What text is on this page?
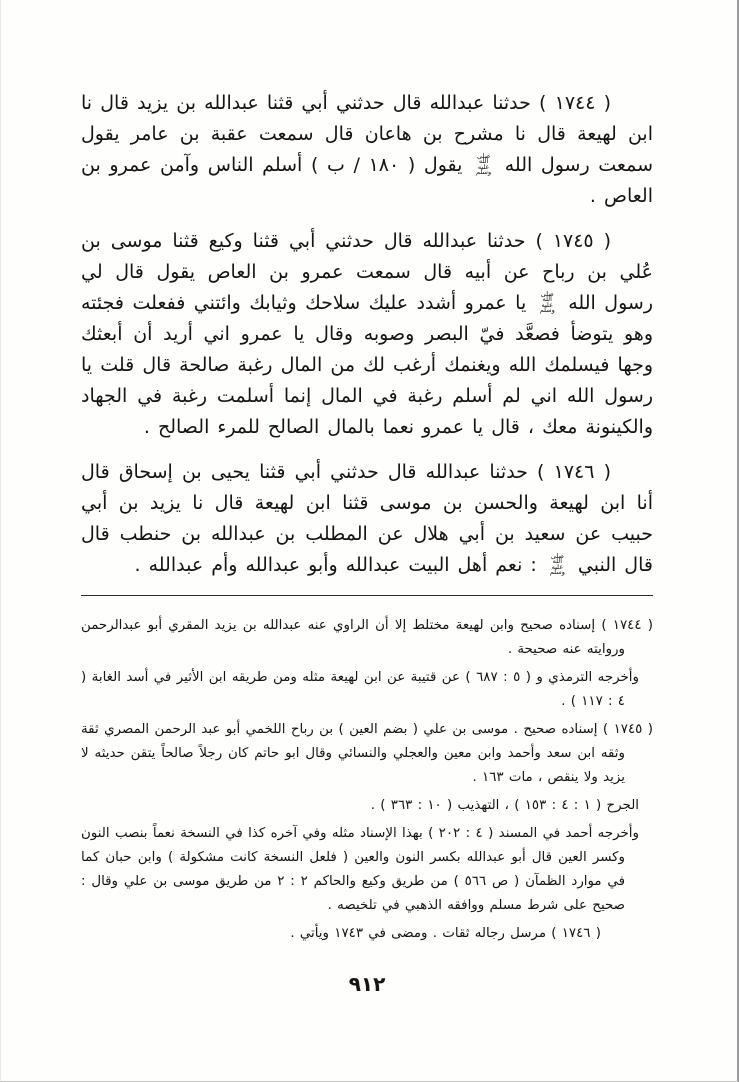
( ١٧٤٤ ) حدثنا عبدالله قال حدثني أبي قثنا عبدالله بن يزيد قال نا ابن لهيعة قال نا مشرح بن هاعان قال سمعت عقبة بن عامر يقول سمعت رسول الله صلى الله عليه وسلم يقول ( ١٨٠ / ب ) أسلم الناس وآمن عمرو بن العاص .

( ١٧٤٥ ) حدثنا عبدالله قال حدثني أبي قثنا وكيع قثنا موسى بن عُلي بن رباح عن أبيه قال سمعت عمرو بن العاص يقول قال لي رسول الله صلى الله عليه وسلم يا عمرو أشدد عليك سلاحك وثيابك وائتني ففعلت فجئته وهو يتوضأ فصعَّد فيّ البصر وصوبه وقال يا عمرو اني أريد أن أبعثك وجها فيسلمك الله ويغنمك أرغب لك من المال رغبة صالحة قال قلت يا رسول الله اني لم أسلم رغبة في المال إنما أسلمت رغبة في الجهاد والكينونة معك ، قال يا عمرو نعما بالمال الصالح للمرء الصالح .

( ١٧٤٦ ) حدثنا عبدالله قال حدثني أبي قثنا يحيى بن إسحاق قال أنا ابن لهيعة والحسن بن موسى قثنا ابن لهيعة قال نا يزيد بن أبي حبيب عن سعيد بن أبي هلال عن المطلب بن عبدالله بن حنطب قال قال النبي صلى الله عليه وسلم : نعم أهل البيت عبدالله وأبو عبدالله وأم عبدالله .

( ١٧٤٤ ) إسناده صحيح وابن لهيعة مختلط إلا أن الراوي عنه عبدالله بن يزيد المقري أبو عبدالرحمن وروايته عنه صحيحة .

وأخرجه الترمذي و ( ٥ : ٦٨٧ ) عن قتيبة عن ابن لهيعة مثله ومن طريقه ابن الأثير في أسد الغابة ( ٤ : ١١٧ ) .

( ١٧٤٥ ) إسناده صحيح . موسى بن علي ( بضم العين ) بن رباح اللخمي أبو عبد الرحمن المصري ثقة وثقه ابن سعد وأحمد وابن معين والعجلي والنسائي وقال ابو حاتم كان رجلاً صالحاً يتقن حديثه لا يزيد ولا ينقص ، مات ١٦٣ .

الجرح ( ١ : ٤ : ١٥٣ ) ، التهذيب ( ١٠ : ٣٦٣ ) .

وأخرجه أحمد في المسند ( ٤ : ٢٠٢ ) بهذا الإسناد مثله وفي آخره كذا في النسخة نعماً بنصب النون وكسر العين قال أبو عبدالله بكسر النون والعين ( فلعل النسخة كانت مشكولة ) وابن حبان كما في موارد الظمآن ( ص ٥٦٦ ) من طريق وكيع والحاكم ٢ : ٢ من طريق موسى بن علي وقال : صحيح على شرط مسلم ووافقه الذهبي في تلخيصه .

( ١٧٤٦ ) مرسل رجاله ثقات . ومضى في ١٧٤٣ ويأتي .

٩١٢
